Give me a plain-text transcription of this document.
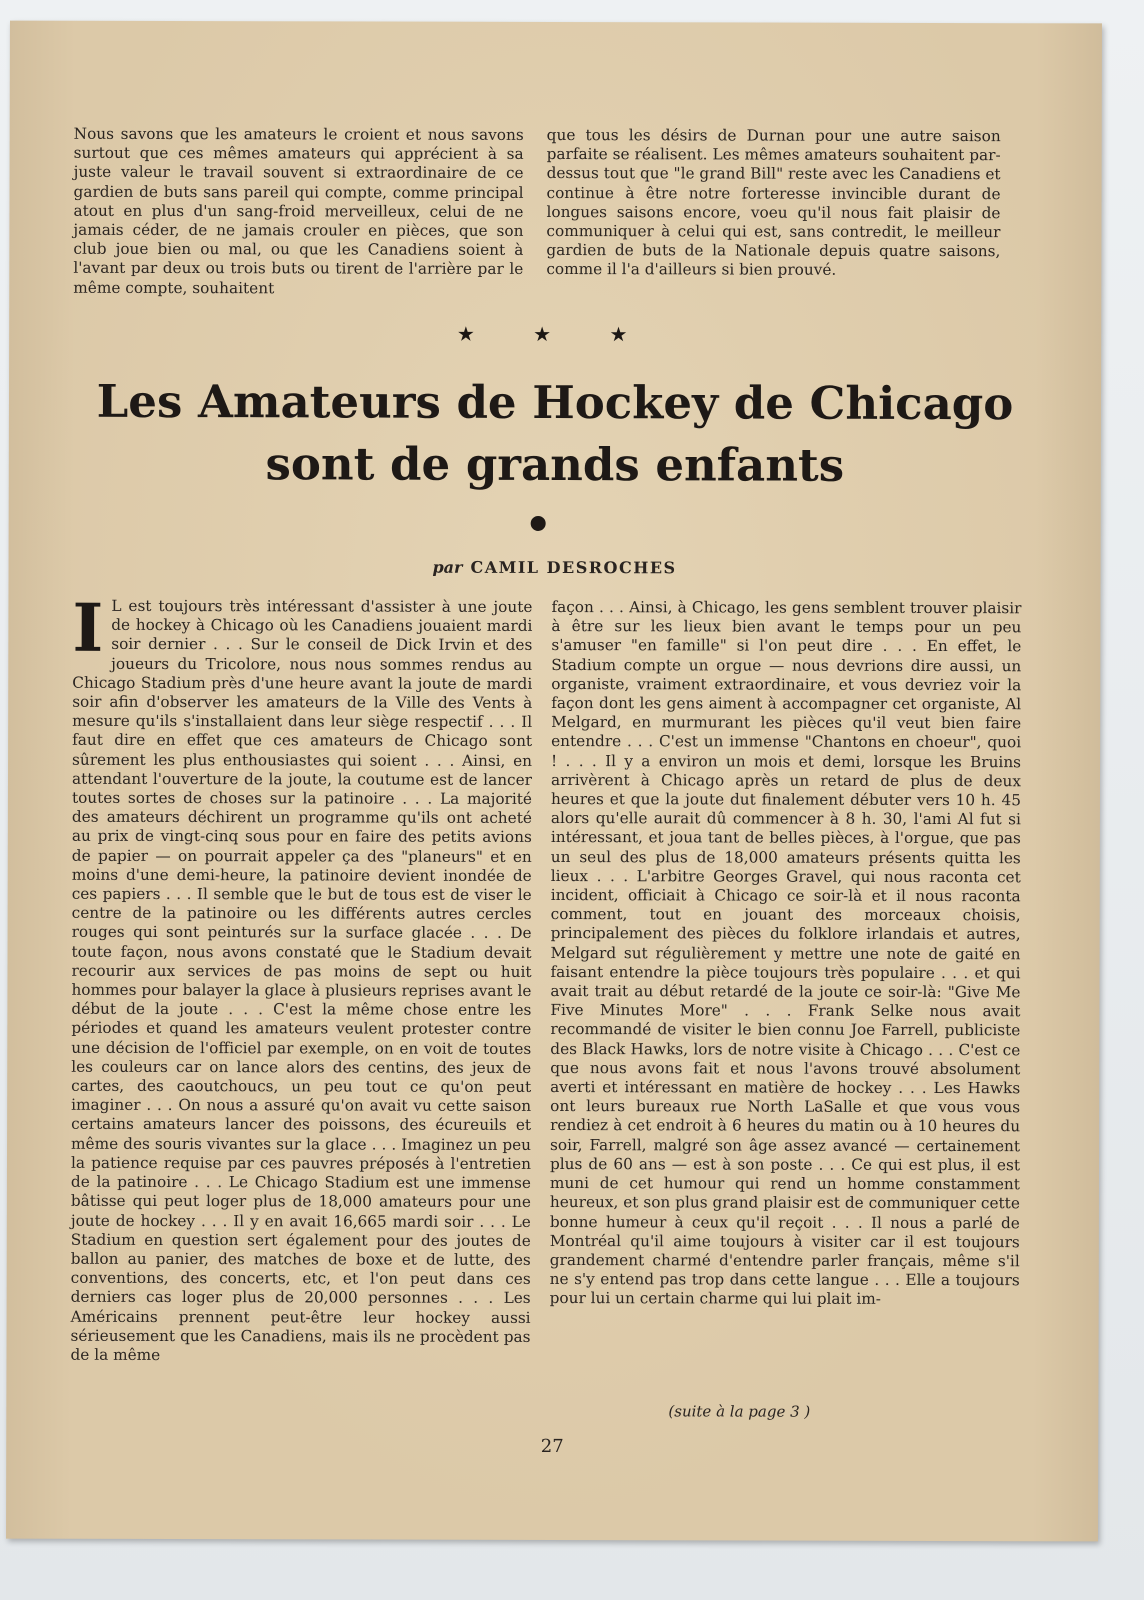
Nous savons que les amateurs le croient et nous savons surtout que ces mêmes amateurs qui apprécient à sa juste valeur le travail souvent si extraordinaire de ce gardien de buts sans pareil qui compte, comme principal atout en plus d'un sang-froid merveilleux, celui de ne jamais céder, de ne jamais crouler en pièces, que son club joue bien ou mal, ou que les Canadiens soient à l'avant par deux ou trois buts ou tirent de l'arrière par le même compte, souhaitent

que tous les désirs de Durnan pour une autre saison parfaite se réalisent. Les mêmes amateurs souhaitent par-dessus tout que "le grand Bill" reste avec les Canadiens et continue à être notre forteresse invincible durant de longues saisons encore, voeu qu'il nous fait plaisir de communiquer à celui qui est, sans contredit, le meilleur gardien de buts de la Nationale depuis quatre saisons, comme il l'a d'ailleurs si bien prouvé.

★ ★ ★
Les Amateurs de Hockey de Chicago
sont de grands enfants
par CAMIL DESROCHES

I L est toujours très intéressant d'assister à une joute de hockey à Chicago où les Canadiens jouaient mardi soir dernier . . . Sur le conseil de Dick Irvin et des joueurs du Tricolore, nous nous sommes rendus au Chicago Stadium près d'une heure avant la joute de mardi soir afin d'observer les amateurs de la Ville des Vents à mesure qu'ils s'installaient dans leur siège respectif . . . Il faut dire en effet que ces amateurs de Chicago sont sûrement les plus enthousiastes qui soient . . . Ainsi, en attendant l'ouverture de la joute, la coutume est de lancer toutes sortes de choses sur la patinoire . . . La majorité des amateurs déchirent un programme qu'ils ont acheté au prix de vingt-cinq sous pour en faire des petits avions de papier — on pourrait appeler ça des "planeurs" et en moins d'une demi-heure, la patinoire devient inondée de ces papiers . . . Il semble que le but de tous est de viser le centre de la patinoire ou les différents autres cercles rouges qui sont peinturés sur la surface glacée . . . De toute façon, nous avons constaté que le Stadium devait recourir aux services de pas moins de sept ou huit hommes pour balayer la glace à plusieurs reprises avant le début de la joute . . . C'est la même chose entre les périodes et quand les amateurs veulent protester contre une décision de l'officiel par exemple, on en voit de toutes les couleurs car on lance alors des centins, des jeux de cartes, des caoutchoucs, un peu tout ce qu'on peut imaginer . . . On nous a assuré qu'on avait vu cette saison certains amateurs lancer des poissons, des écureuils et même des souris vivantes sur la glace . . . Imaginez un peu la patience requise par ces pauvres préposés à l'entretien de la patinoire . . . Le Chicago Stadium est une immense bâtisse qui peut loger plus de 18,000 amateurs pour une joute de hockey . . . Il y en avait 16,665 mardi soir . . . Le Stadium en question sert également pour des joutes de ballon au panier, des matches de boxe et de lutte, des conventions, des concerts, etc, et l'on peut dans ces derniers cas loger plus de 20,000 personnes . . . Les Américains prennent peut-être leur hockey aussi sérieusement que les Canadiens, mais ils ne procèdent pas de la même

façon . . . Ainsi, à Chicago, les gens semblent trouver plaisir à être sur les lieux bien avant le temps pour un peu s'amuser "en famille" si l'on peut dire . . . En effet, le Stadium compte un orgue — nous devrions dire aussi, un organiste, vraiment extraordinaire, et vous devriez voir la façon dont les gens aiment à accompagner cet organiste, Al Melgard, en murmurant les pièces qu'il veut bien faire entendre . . . C'est un immense "Chantons en choeur", quoi ! . . . Il y a environ un mois et demi, lorsque les Bruins arrivèrent à Chicago après un retard de plus de deux heures et que la joute dut finalement débuter vers 10 h. 45 alors qu'elle aurait dû commencer à 8 h. 30, l'ami Al fut si intéressant, et joua tant de belles pièces, à l'orgue, que pas un seul des plus de 18,000 amateurs présents quitta les lieux . . . L'arbitre Georges Gravel, qui nous raconta cet incident, officiait à Chicago ce soir-là et il nous raconta comment, tout en jouant des morceaux choisis, principalement des pièces du folklore irlandais et autres, Melgard sut régulièrement y mettre une note de gaité en faisant entendre la pièce toujours très populaire . . . et qui avait trait au début retardé de la joute ce soir-là: "Give Me Five Minutes More" . . . Frank Selke nous avait recommandé de visiter le bien connu Joe Farrell, publiciste des Black Hawks, lors de notre visite à Chicago . . . C'est ce que nous avons fait et nous l'avons trouvé absolument averti et intéressant en matière de hockey . . . Les Hawks ont leurs bureaux rue North LaSalle et que vous vous rendiez à cet endroit à 6 heures du matin ou à 10 heures du soir, Farrell, malgré son âge assez avancé — certainement plus de 60 ans — est à son poste . . . Ce qui est plus, il est muni de cet humour qui rend un homme constamment heureux, et son plus grand plaisir est de communiquer cette bonne humeur à ceux qu'il reçoit . . . Il nous a parlé de Montréal qu'il aime toujours à visiter car il est toujours grandement charmé d'entendre parler français, même s'il ne s'y entend pas trop dans cette langue . . . Elle a toujours pour lui un certain charme qui lui plait im-

(suite à la page 3 )
27
